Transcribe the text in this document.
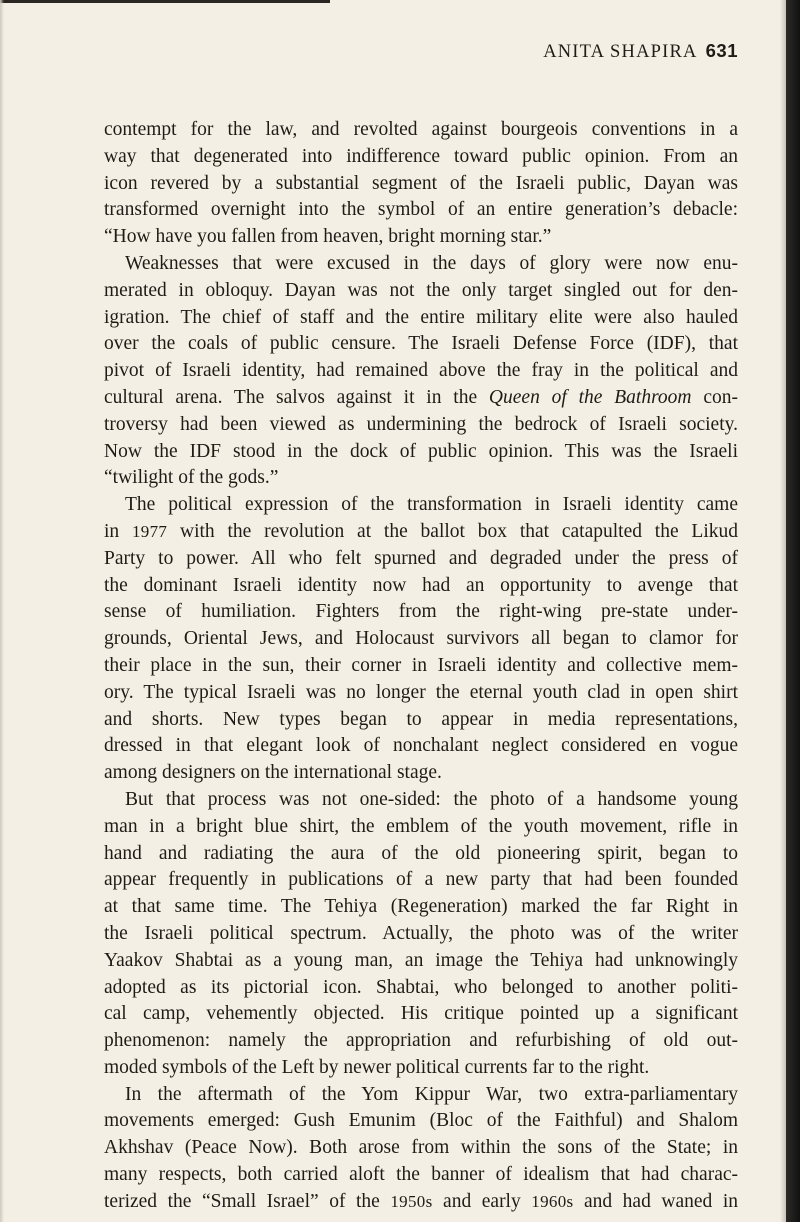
ANITA SHAPIRA 631
contempt for the law, and revolted against bourgeois conventions in a
way that degenerated into indifference toward public opinion. From an
icon revered by a substantial segment of the Israeli public, Dayan was
transformed overnight into the symbol of an entire generation’s debacle:
“How have you fallen from heaven, bright morning star.”
Weaknesses that were excused in the days of glory were now enu-
merated in obloquy. Dayan was not the only target singled out for den-
igration. The chief of staff and the entire military elite were also hauled
over the coals of public censure. The Israeli Defense Force (IDF), that
pivot of Israeli identity, had remained above the fray in the political and
cultural arena. The salvos against it in the Queen of the Bathroom con-
troversy had been viewed as undermining the bedrock of Israeli society.
Now the IDF stood in the dock of public opinion. This was the Israeli
“twilight of the gods.”
The political expression of the transformation in Israeli identity came
in 1977 with the revolution at the ballot box that catapulted the Likud
Party to power. All who felt spurned and degraded under the press of
the dominant Israeli identity now had an opportunity to avenge that
sense of humiliation. Fighters from the right-wing pre-state under-
grounds, Oriental Jews, and Holocaust survivors all began to clamor for
their place in the sun, their corner in Israeli identity and collective mem-
ory. The typical Israeli was no longer the eternal youth clad in open shirt
and shorts. New types began to appear in media representations,
dressed in that elegant look of nonchalant neglect considered en vogue
among designers on the international stage.
But that process was not one-sided: the photo of a handsome young
man in a bright blue shirt, the emblem of the youth movement, rifle in
hand and radiating the aura of the old pioneering spirit, began to
appear frequently in publications of a new party that had been founded
at that same time. The Tehiya (Regeneration) marked the far Right in
the Israeli political spectrum. Actually, the photo was of the writer
Yaakov Shabtai as a young man, an image the Tehiya had unknowingly
adopted as its pictorial icon. Shabtai, who belonged to another politi-
cal camp, vehemently objected. His critique pointed up a significant
phenomenon: namely the appropriation and refurbishing of old out-
moded symbols of the Left by newer political currents far to the right.
In the aftermath of the Yom Kippur War, two extra-parliamentary
movements emerged: Gush Emunim (Bloc of the Faithful) and Shalom
Akhshav (Peace Now). Both arose from within the sons of the State; in
many respects, both carried aloft the banner of idealism that had charac-
terized the “Small Israel” of the 1950s and early 1960s and had waned in
